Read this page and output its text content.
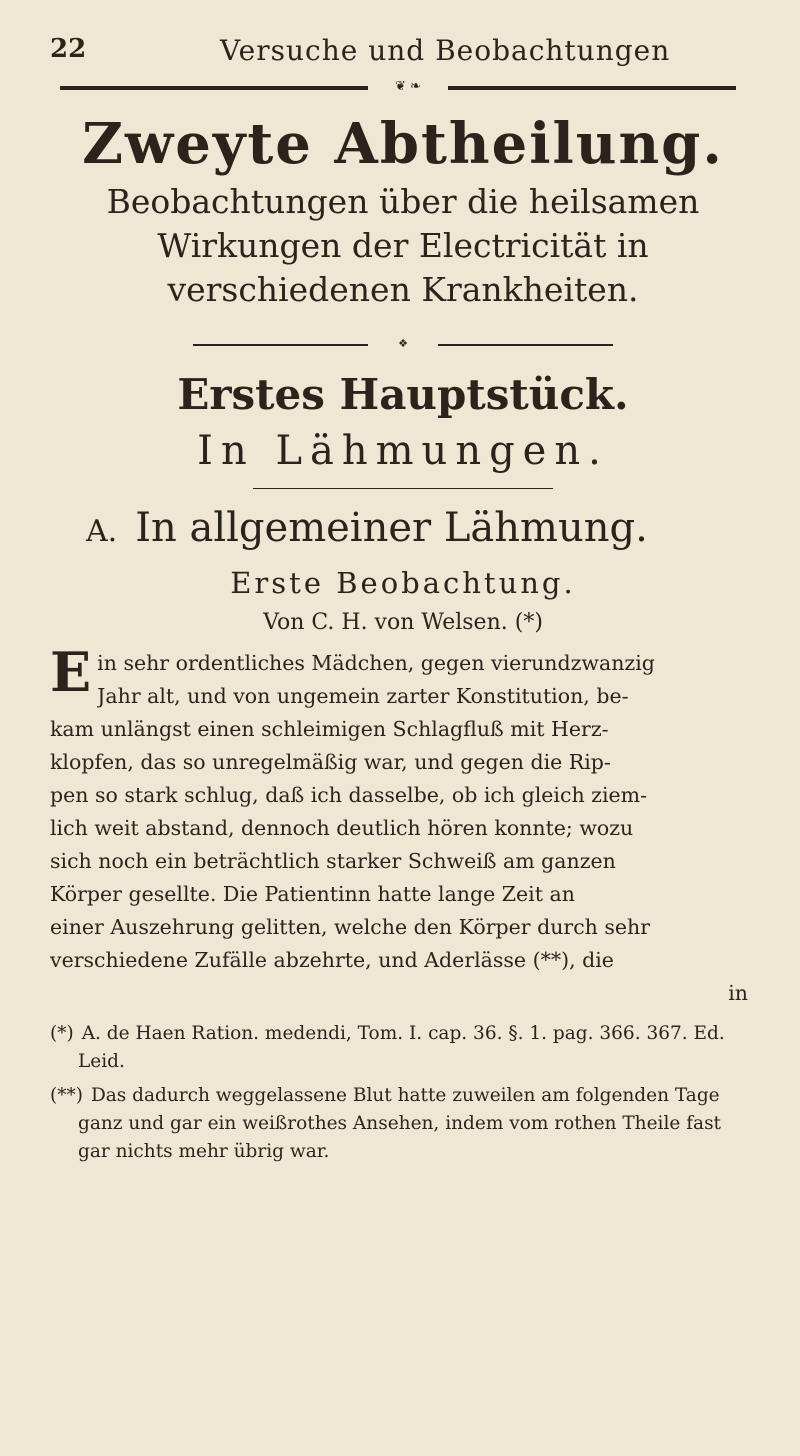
22	Versuche und Beobachtungen
❦ ❧
Zweyte Abtheilung.
Beobachtungen über die heilsamen Wirkungen der Electricität in verschiedenen Krankheiten.
❖
Erstes Hauptstück.
In Lähmungen.
A. In allgemeiner Lähmung.
Erste Beobachtung.
Von C. H. von Welsen. (*)
E in sehr ordentliches Mädchen, gegen vierundzwanzig
Jahr alt, und von ungemein zarter Konstitution, be-
kam unlängst einen schleimigen Schlagfluß mit Herz-
klopfen, das so unregelmäßig war, und gegen die Rip-
pen so stark schlug, daß ich dasselbe, ob ich gleich ziem-
lich weit abstand, dennoch deutlich hören konnte; wozu
sich noch ein beträchtlich starker Schweiß am ganzen
Körper gesellte. Die Patientinn hatte lange Zeit an
einer Auszehrung gelitten, welche den Körper durch sehr
verschiedene Zufälle abzehrte, und Aderlässe (**), die
in
(*) A. de Haen Ration. medendi, Tom. I. cap. 36. §. 1. pag. 366. 367. Ed. Leid.
(**) Das dadurch weggelassene Blut hatte zuweilen am folgenden Tage ganz und gar ein weißrothes Ansehen, indem vom rothen Theile fast gar nichts mehr übrig war.
